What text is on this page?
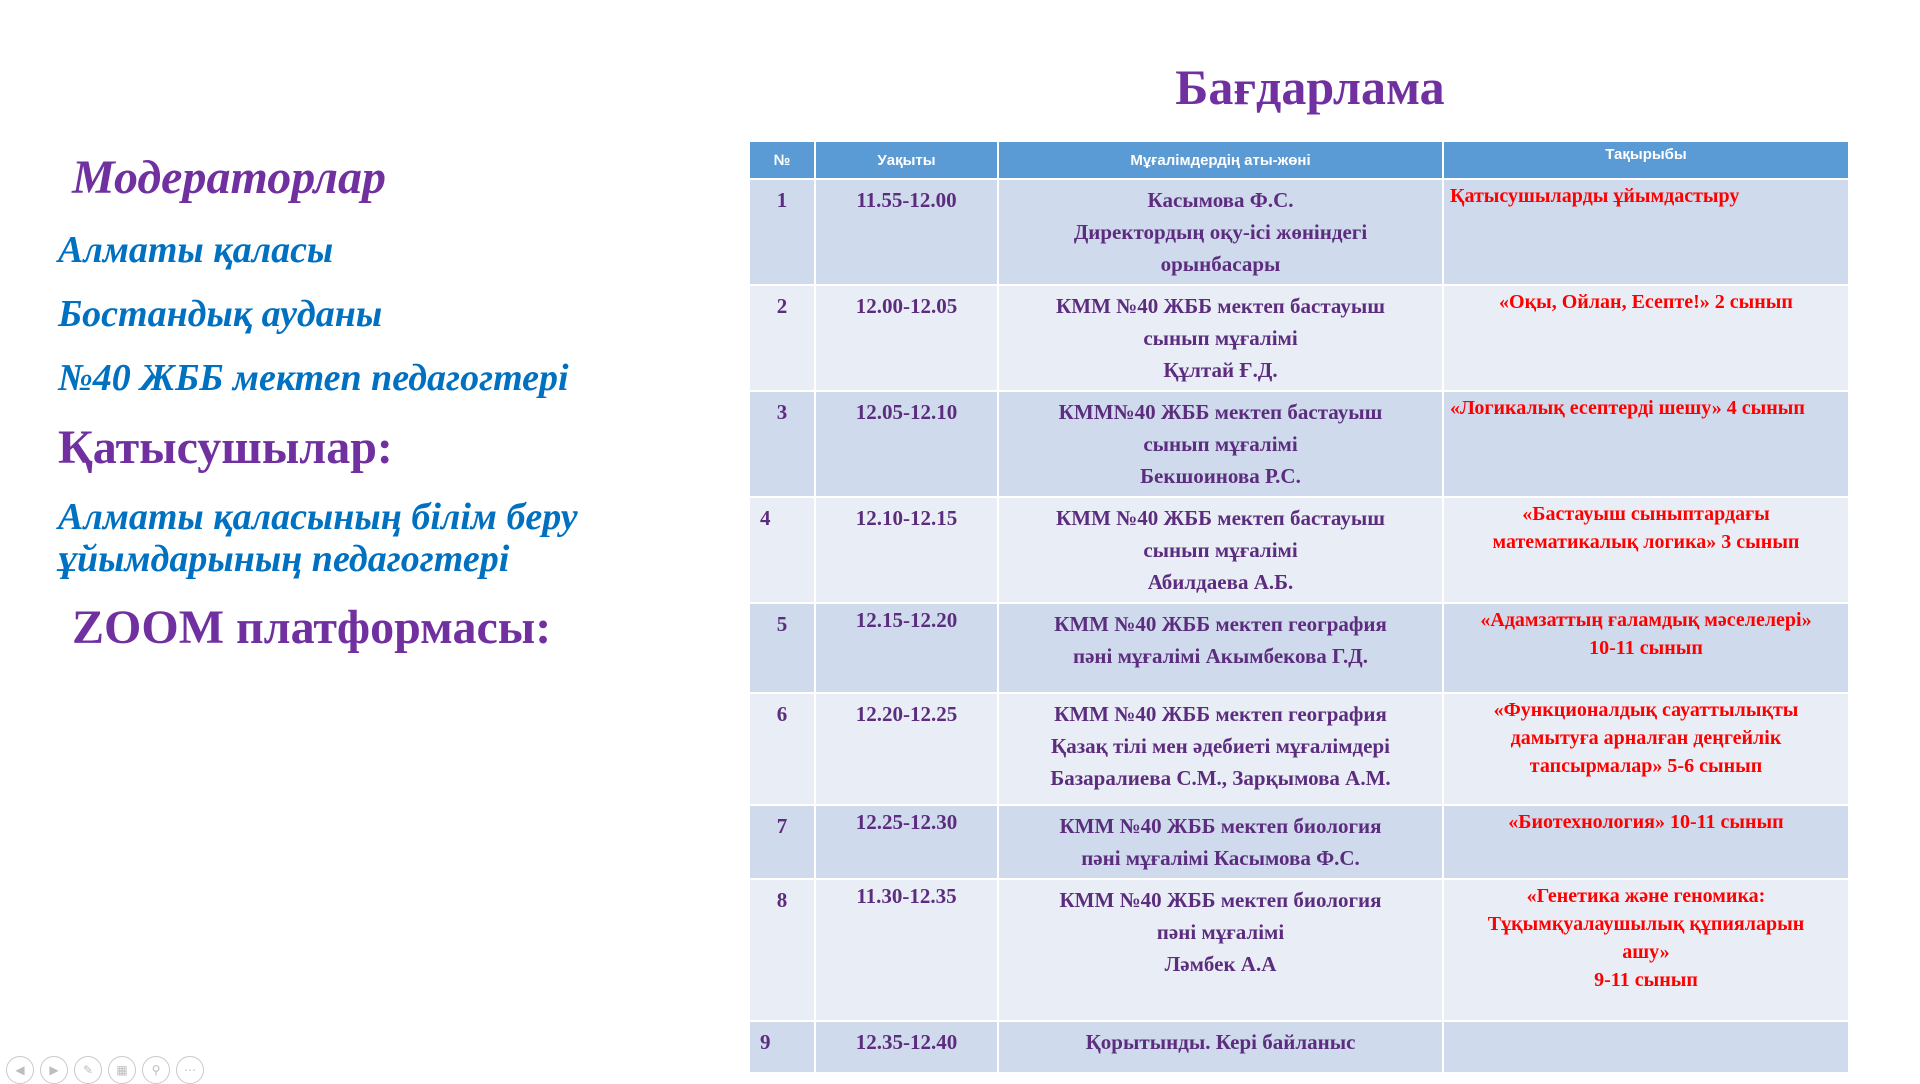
Бағдарлама

Модераторлар

Алматы қаласы

Бостандық ауданы

№40 ЖББ мектеп педагогтері

Қатысушылар:

Алматы қаласының білім беру
ұйымдарының педагогтері

ZOOM платформасы:

№	Уақыты	Мұғалімдердің аты-жөні	Тақырыбы
1	11.55-12.00	Касымова Ф.С.
Директордың оқу-ісі жөніндегі
орынбасары	Қатысушыларды ұйымдастыру
2	12.00-12.05	КММ №40 ЖББ мектеп бастауыш
сынып мұғалімі
Құлтай Ғ.Д.	«Оқы, Ойлан, Есепте!» 2 сынып
3	12.05-12.10	КММ№40 ЖББ мектеп бастауыш
сынып мұғалімі
Бекшоинова Р.С.	«Логикалық есептерді шешу» 4 сынып
4	12.10-12.15	КММ №40 ЖББ мектеп бастауыш
сынып мұғалімі
Абилдаева А.Б.	«Бастауыш сыныптардағы
математикалық логика» 3 сынып
5	12.15-12.20	КММ №40 ЖББ мектеп география
пәні мұғалімі Акымбекова Г.Д.	«Адамзаттың ғаламдық мәселелері»
10-11 сынып
6	12.20-12.25	КММ №40 ЖББ мектеп география
Қазақ тілі мен әдебиеті мұғалімдері
Базаралиева С.М., Зарқымова А.М.	«Функционалдық сауаттылықты
дамытуға арналған деңгейлік
тапсырмалар» 5-6 сынып
7	12.25-12.30	КММ №40 ЖББ мектеп биология
пәні мұғалімі Касымова Ф.С.	«Биотехнология» 10-11 сынып
8	11.30-12.35	КММ №40 ЖББ мектеп биология
пәні мұғалімі
Ләмбек А.А	«Генетика және геномика:
Тұқымқуалаушылық құпияларын
ашу»
9-11 сынып
9	12.35-12.40	Қорытынды. Кері байланыс	
◀	▶	✎	▦	⚲	⋯
